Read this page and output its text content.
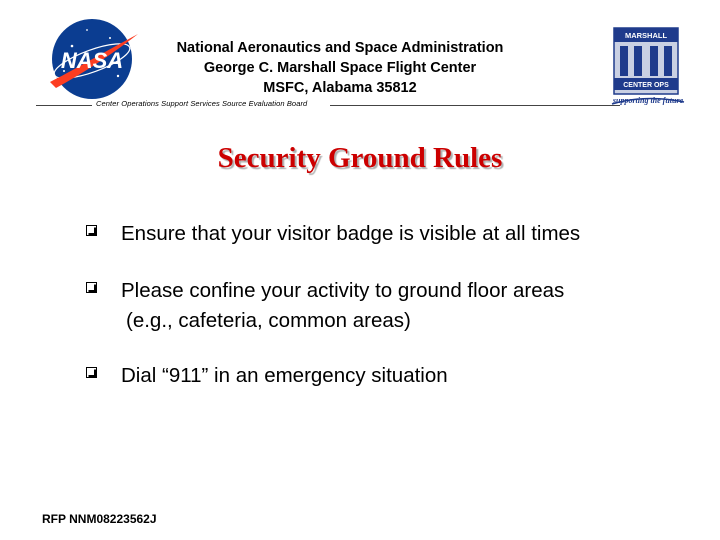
NASA	National Aeronautics and Space Administration
George C. Marshall Space Flight Center
MSFC, Alabama 35812
MARSHALL
CENTER OPS
supporting the future
Center Operations Support Services Source Evaluation Board
Security Ground Rules
Ensure that your visitor badge is visible at all times
Please confine your activity to ground floor areas
(e.g., cafeteria, common areas)
Dial “911” in an emergency situation
RFP NNM08223562J
